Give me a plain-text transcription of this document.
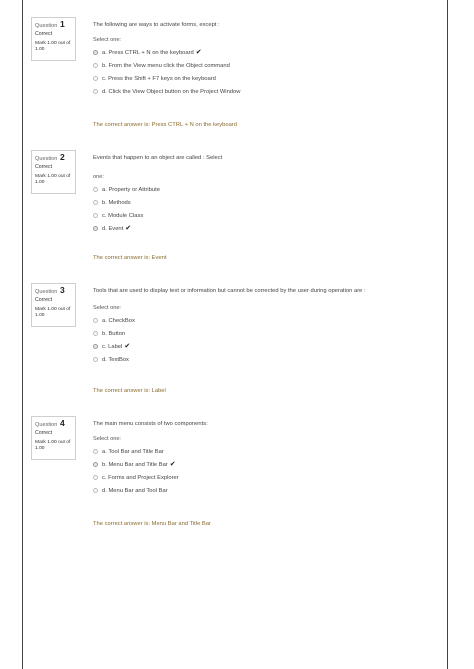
Question 1
Correct
Mark 1.00 out of 1.00
The following are ways to activate forms, except :
Select one:
a. Press CTRL + N on the keyboard ✔
b. From the View menu click the Object command
c. Press the Shift + F7 keys on the keyboard
d. Click the View Object button on the Project Window
The correct answer is: Press CTRL + N on the keyboard
Question 2
Correct
Mark 1.00 out of 1.00
Events that happen to an object are called : Select
one:
a. Property or Attribute
b. Methods
c. Module Class
d. Event ✔
The correct answer is: Event
Question 3
Correct
Mark 1.00 out of 1.00
Tools that are used to display text or information but cannot be corrected by the user during operation are :
Select one:
a. CheckBox
b. Button
c. Label ✔
d. TextBox
The correct answer is: Label
Question 4
Correct
Mark 1.00 out of 1.00
The main menu consists of two components:
Select one:
a. Tool Bar and Title Bar
b. Menu Bar and Title Bar ✔
c. Forms and Project Explorer
d. Menu Bar and Tool Bar
The correct answer is: Menu Bar and Title Bar
